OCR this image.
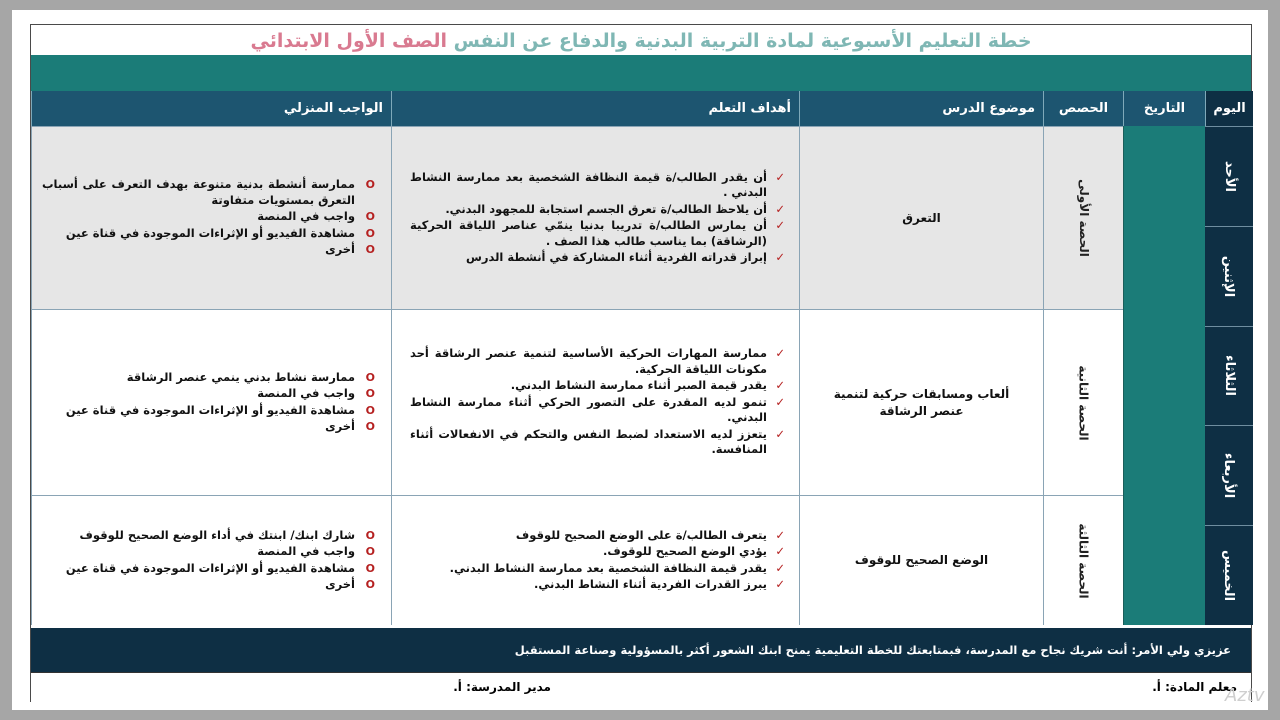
خطة التعليم الأسبوعية لمادة التربية البدنية والدفاع عن النفس الصف الأول الابتدائي
اليوم
التاريخ
الحصص
موضوع الدرس
أهداف التعلم
الواجب المنزلي
الأحد
الإثنين
الثلاثاء
الأربعاء
الخميس
الحصة الأولى
التعرق
✓ أن يقدر الطالب/ة قيمة النظافة الشخصية بعد ممارسة النشاط البدني .
✓ أن يلاحظ الطالب/ة تعرق الجسم استجابة للمجهود البدني.
✓ أن يمارس الطالب/ة تدريبا بدنيا ينمّي عناصر اللياقة الحركية (الرشاقة) بما يناسب طالب هذا الصف .
✓ إبراز قدراته الفردية أثناء المشاركة في أنشطة الدرس
O ممارسة أنشطة بدنية متنوعة بهدف التعرف على أسباب التعرق بمستويات متفاوتة
O واجب في المنصة
O مشاهدة الفيديو أو الإثراءات الموجودة في قناة عين
O أخرى
الحصة الثانية
ألعاب ومسابقات حركية لتنمية عنصر الرشاقة
✓ ممارسة المهارات الحركية الأساسية لتنمية عنصر الرشاقة أحد مكونات اللياقة الحركية.
✓ يقدر قيمة الصبر أثناء ممارسة النشاط البدني.
✓ تنمو لديه المقدرة على التصور الحركي أثناء ممارسة النشاط البدني.
✓ يتعزز لديه الاستعداد لضبط النفس والتحكم في الانفعالات أثناء المنافسة.
O ممارسة نشاط بدني ينمي عنصر الرشاقة
O واجب في المنصة
O مشاهدة الفيديو أو الإثراءات الموجودة في قناة عين
O أخرى
الحصة الثالثة
الوضع الصحيح للوقوف
✓ يتعرف الطالب/ة على الوضع الصحيح للوقوف
✓ يؤدي الوضع الصحيح للوقوف.
✓ يقدر قيمة النظافة الشخصية بعد ممارسة النشاط البدني.
✓ يبرز القدرات الفردية أثناء النشاط البدني.
O شارك ابنك/ ابنتك في أداء الوضع الصحيح للوقوف
O واجب في المنصة
O مشاهدة الفيديو أو الإثراءات الموجودة في قناة عين
O أخرى
عزيزي ولي الأمر: أنت شريك نجاح مع المدرسة، فبمتابعتك للخطة التعليمية يمنح ابنك الشعور أكثر بالمسؤولية وصناعة المستقبل
معلم المادة: أ.
مدير المدرسة: أ.	Aztv
